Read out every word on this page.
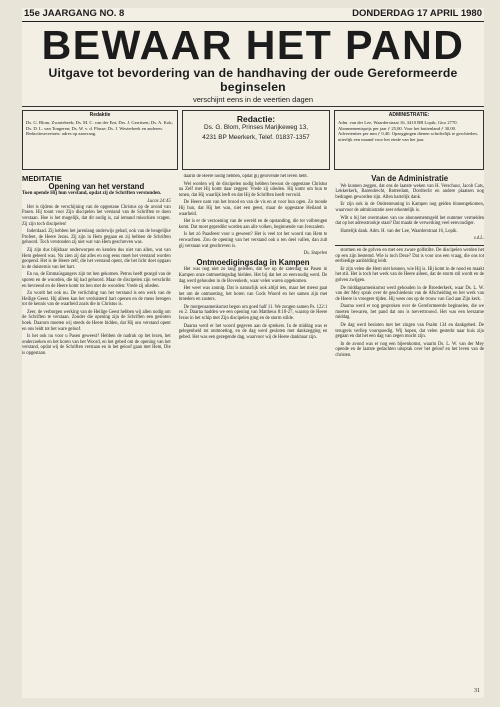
15e JAARGANG NO. 8	DONDERDAG 17 APRIL 1980
BEWAAR HET PAND
Uitgave tot bevordering van de handhaving der oude Gereformeerde beginselen
verschijnt eens in de veertien dagen
Redaktie
Ds. G. Blom, Zwartebeek; Ds. M. C. van der Ent; Drs. J. Gerritsen; Ds. A. Kok; Ds. D. L. van Tongeren; Ds. W. v. d. Plasse; Ds. J. Westerbeek en anderen. Redactiesecretaris: adres op aanvraag.
Redactie:
Ds. G. Blom, Prinses Marijkeweg 13,
4231 BP Meerkerk, Telef. 01837-1357
ADMINISTRATIE:
Adm. van der Lee, Waarderstraat 16, 3410 BB Lopik; Giro 2770. Abonnementsprijs per jaar ƒ 25,00. Voor het buitenland ƒ 30,00. Advertenties per mm ƒ 0,40. Opzeggingen dienen schriftelijk te geschieden, uiterlijk een maand voor het einde van het jaar.
MEDITATIE
Opening van het verstand
Toen opende Hij hun verstand, opdat zij de Schriften verstonden.
Lucas 24:45

Het is tijdens de verschijning van de opgestane Christus op de avond van Pasen. Hij toont voor Zijn discipelen het verstand van de Schriften te doen verstaan. Hoe is het mogelijk, dat dit nodig is, zal iemand misschien vragen. Zij zijn toch discipelen!

Inderdaad. Zij hebben het jarenlang onderwijs gehad, ook van de heugelijke Profeet, de Heere Jezus. Zij zijn in Hem gegaan en zij hebben de Schriften gehoord. Toch verstonden zij niet wat van Hem geschreven was.

Zij zijn dus blijkbaar onderworpen en kenden dus niet van allen, wat van Hem geleerd was. Nu zien zij dat alles en nog eens moet het verstand worden geopend. Het is de Heere zelf, die het verstand opent, die het licht doet opgaan in de duisternis van het hart.

En nu, de Emmaüsgangers zijn tot hen gekomen. Petrus heeft gezegd van de sporen en de woorden, die hij had gehoord. Maar de discipelen zijn verschrikt en bevreesd en de Heere komt tot hen met de woorden: Vrede zij ulieden.

Zo wordt het ook nu. De verlichting van het verstand is een werk van de Heilige Geest. Hij alleen kan het verduisterd hart openen en de mens brengen tot de kennis van de waarheid zoals die in Christus is.

Zeer, de verborgen werking van de Heilige Geest hebben wij allen nodig om de Schriften te verstaan. Zonder die opening zijn de Schriften een gesloten boek. Daarom moeten wij steeds de Heere bidden, dat Hij ons verstand opent en ons leidt tot het ware geloof.

Is het ook nu voor u Pasen geweest? Hebben de nadruk op het lezen, het onderzoeken en het horen van het Woord, en het gebed om de opening van het verstand, opdat wij de Schriften verstaan en in het geloof gaan met Hem, Die is opgestaan.

daarin de Heere nodig hebben, opdat gij gelovende het leven hebt.

Wel worden wij de discipelen nodig hebben bewust de opgestane Christus na Zelf met Hij komt daar zeggen: Vrede zij ulieden. Hij komt om hun te tonen, dat Hij waarlijk leeft en dat Hij de Schriften heeft vervuld.

De Heere nam van het brood en van de vis en at voor hun ogen. Zo toonde Hij hun, dat Hij het was, niet een geest, maar de opgestane Heiland in waarheid.

Het is er de verzoening van de wereld en de opstanding, die tot volbrengen komt. Dat moet gepredikt worden aan alle volken, beginnende van Jeruzalem.

Is het zó Paasfeest voor u geweest? Het is veel tot het woord van Hem te verwachten. Zou de opening van het verstand ook u ten deel vallen, dan zult gij verstaan wat geschreven is.

Ds. Stapelen
Ontmoedigingsdag in Kampen

Het was nog niet zo lang geleden, dat we op de zaterdag na Pasen in Kampen onze ontmoetingsdag hielden. Het bij dat het zo eenvoudig werd. De dag werd gehouden in de Bovenkerk, waar velen waren opgekomen.

Het weer was zonnig. Dat is natuurlijk ook altijd iets, maar het meest gaat het om de ontmoeting, het horen van Gods Woord en het samen zijn met broeders en zusters.

De morgensamenkomst begon om goed half 11. We zongen samen Ps. 122:1 en 2. Daarna hadden we een opening van Mattheus 8:18-27, waarop de Heere Jezus in het schip met Zijn discipelen ging en de storm stilde.

Daarna werd er het woord gegeven aan de sprekers. In de middag was er gelegenheid tot ontmoeting, en de dag werd gesloten met dankzegging en gebed. Het was een gezegende dag, waarvoor wij de Heere dankbaar zijn.

Van de Administratie

We kunnen zeggen, dat ons de laatste weken van H. Verschuur, Jacob Cats, Lekkerkerk, Barendrecht, Rotterdam, Dordrecht en andere plaatsen nog bedragen geworden zijn. Allen hartelijk dank.

Er zijn ook in de Ondersteuning in Kampen nog gelden binnengekomen, waarvoor de administratie zeer erkentelijk is.

Wilt u bij het overmaken van uw abonnementsgeld het nummer vermelden dat op het adresstrookje staat? Dat maakt de verwerking veel eenvoudiger.

Hartelijk dank. Adm. H. van der Lee, Waarderstraat 16, Lopik.

v.d.L.

stormen en de golven en met een zware golfstilte. De discipelen werden het op een zijn bestemd. Wie is toch Deze? Dat is voor ons een vraag, die ons tot eerbiedige aanbidding leidt.

Er zijn velen die Hem niet kennen, wie Hij is. Hij komt in de nood en maakt het stil. Het is toch het werk van de Heere alleen, dat de storm stil wordt en de golven zwijgen.

De middagsamenkomst werd gehouden in de Broederkerk, waar Ds. L. W. van der Mey sprak over de geschiedenis van de Afscheiding en het werk van de Heere in vroegere tijden. Hij wees ons op de trouw van God aan Zijn kerk.

Daarna werd er nog gesproken over de Gereformeerde beginselen, die we moeten bewaren, het pand dat ons is toevertrouwd. Het was een leerzame middag.

De dag werd besloten met het zingen van Psalm 134 en dankgebed. De terugreis verliep voorspoedig. Wij hopen, dat velen gesterkt naar huis zijn gegaan en dat het een dag van zegen mocht zijn.

In de avond was er nog een bijeenkomst, waarin Ds. L. W. van der Mey opende en de laatste gedachten uitsprak over het geloof en het leven van de christen.

31
